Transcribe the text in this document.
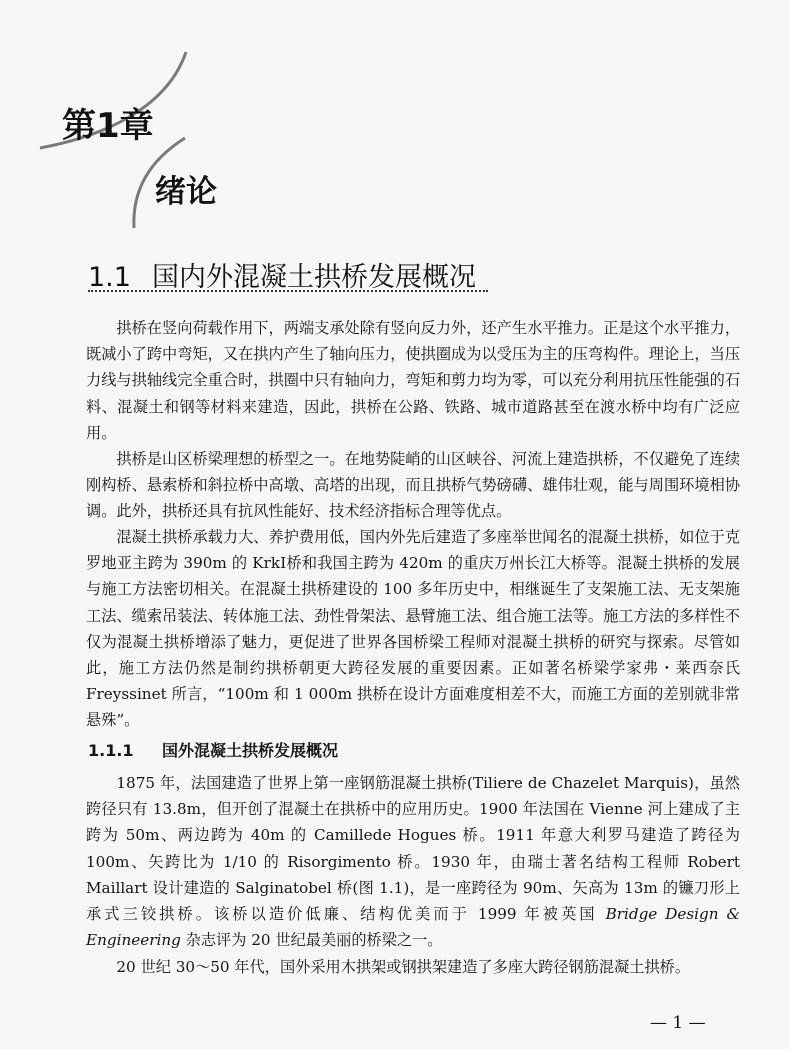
第1章
绪论
1.1 国内外混凝土拱桥发展概况

拱桥在竖向荷载作用下，两端支承处除有竖向反力外，还产生水平推力。正是这个水平推力，既减小了跨中弯矩，又在拱内产生了轴向压力，使拱圈成为以受压为主的压弯构件。理论上，当压力线与拱轴线完全重合时，拱圈中只有轴向力，弯矩和剪力均为零，可以充分利用抗压性能强的石料、混凝土和钢等材料来建造，因此，拱桥在公路、铁路、城市道路甚至在渡水桥中均有广泛应用。

拱桥是山区桥梁理想的桥型之一。在地势陡峭的山区峡谷、河流上建造拱桥，不仅避免了连续刚构桥、悬索桥和斜拉桥中高墩、高塔的出现，而且拱桥气势磅礴、雄伟壮观，能与周围环境相协调。此外，拱桥还具有抗风性能好、技术经济指标合理等优点。

混凝土拱桥承载力大、养护费用低，国内外先后建造了多座举世闻名的混凝土拱桥，如位于克罗地亚主跨为 390m 的 KrkⅠ桥和我国主跨为 420m 的重庆万州长江大桥等。混凝土拱桥的发展与施工方法密切相关。在混凝土拱桥建设的 100 多年历史中，相继诞生了支架施工法、无支架施工法、缆索吊装法、转体施工法、劲性骨架法、悬臂施工法、组合施工法等。施工方法的多样性不仅为混凝土拱桥增添了魅力，更促进了世界各国桥梁工程师对混凝土拱桥的研究与探索。尽管如此，施工方法仍然是制约拱桥朝更大跨径发展的重要因素。正如著名桥梁学家弗・莱西奈氏 Freyssinet 所言，“100m 和 1 000m 拱桥在设计方面难度相差不大，而施工方面的差别就非常悬殊”。

1.1.1 国外混凝土拱桥发展概况

1875 年，法国建造了世界上第一座钢筋混凝土拱桥(Tiliere de Chazelet Marquis)，虽然跨径只有 13.8m，但开创了混凝土在拱桥中的应用历史。1900 年法国在 Vienne 河上建成了主跨为 50m、两边跨为 40m 的 Camillede Hogues 桥。1911 年意大利罗马建造了跨径为 100m、矢跨比为 1/10 的 Risorgimento 桥。1930 年，由瑞士著名结构工程师 Robert Maillart 设计建造的 Salginatobel 桥(图 1.1)，是一座跨径为 90m、矢高为 13m 的镰刀形上承式三铰拱桥。该桥以造价低廉、结构优美而于 1999 年被英国 Bridge Design & Engineering 杂志评为 20 世纪最美丽的桥梁之一。

20 世纪 30～50 年代，国外采用木拱架或钢拱架建造了多座大跨径钢筋混凝土拱桥。

— 1 —
